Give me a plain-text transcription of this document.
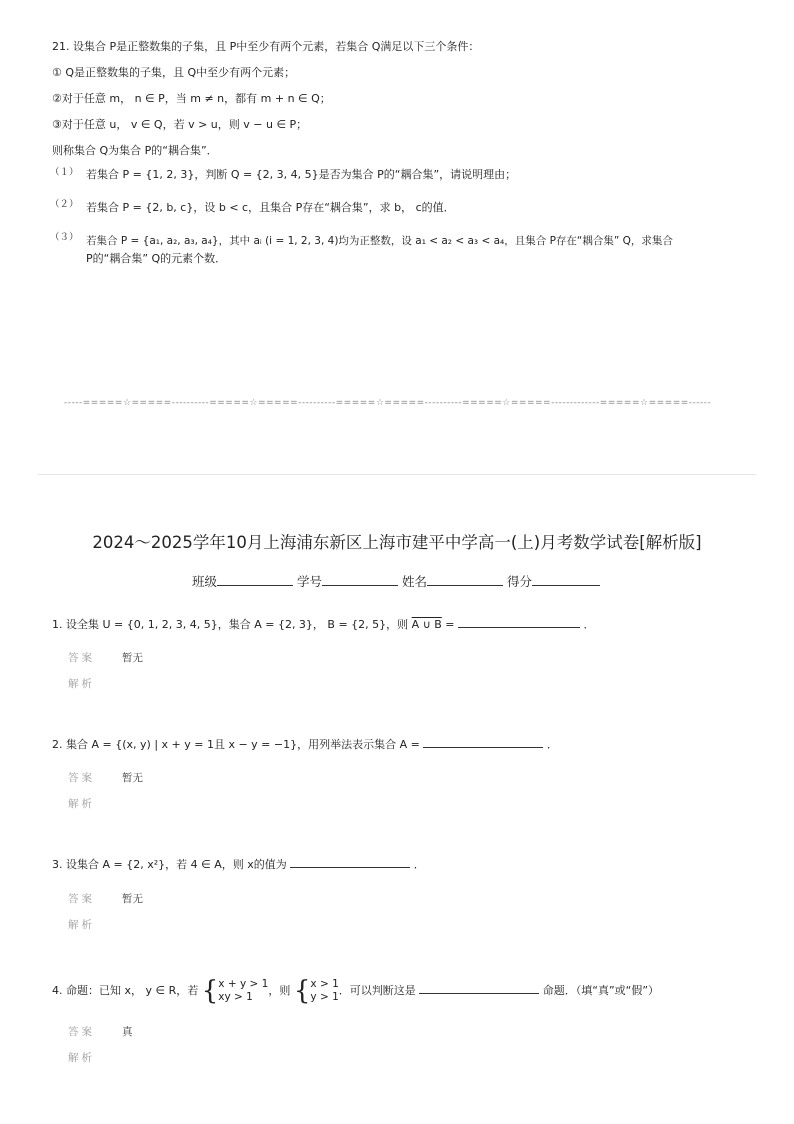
21. 设集合 P是正整数集的子集，且 P中至少有两个元素，若集合 Q满足以下三个条件：
① Q是正整数集的子集，且 Q中至少有两个元素；
②对于任意 m， n ∈ P，当 m ≠ n，都有 m + n ∈ Q；
③对于任意 u， v ∈ Q，若 v > u，则 v − u ∈ P；
则称集合 Q为集合 P的“耦合集”．
（１） 若集合 P = {1, 2, 3}，判断 Q = {2, 3, 4, 5}是否为集合 P的“耦合集”，请说明理由；
（２） 若集合 P = {2, b, c}，设 b < c，且集合 P存在“耦合集”，求 b， c的值．
（３） 若集合 P = {a₁, a₂, a₃, a₄}，其中 aᵢ (i = 1, 2, 3, 4)均为正整数，设 a₁ < a₂ < a₃ < a₄，且集合 P存在“耦合集” Q，求集合
P的“耦合集” Q的元素个数．
-----=====☆=====----------=====☆=====----------=====☆=====----------=====☆=====-------------=====☆=====------
2024～2025学年10月上海浦东新区上海市建平中学高一(上)月考数学试卷[解析版]
班级	学号	姓名	得分
1. 设全集 U = {0, 1, 2, 3, 4, 5}，集合 A = {2, 3}， B = {2, 5}，则 A ∪ B =	．
答案	暂无
解析
2. 集合 A = {(x, y) | x + y = 1且 x − y = −1}，用列举法表示集合 A =	．
答案	暂无
解析
3. 设集合 A = {2, x²}，若 4 ∈ A，则 x的值为	．
答案	暂无
解析
4. 命题：已知 x， y ∈ R，若 {x + y > 1
xy > 1 ，则 {x > 1
y > 1．可以判断这是	命题．（填“真”或“假”）
答案	真
解析
